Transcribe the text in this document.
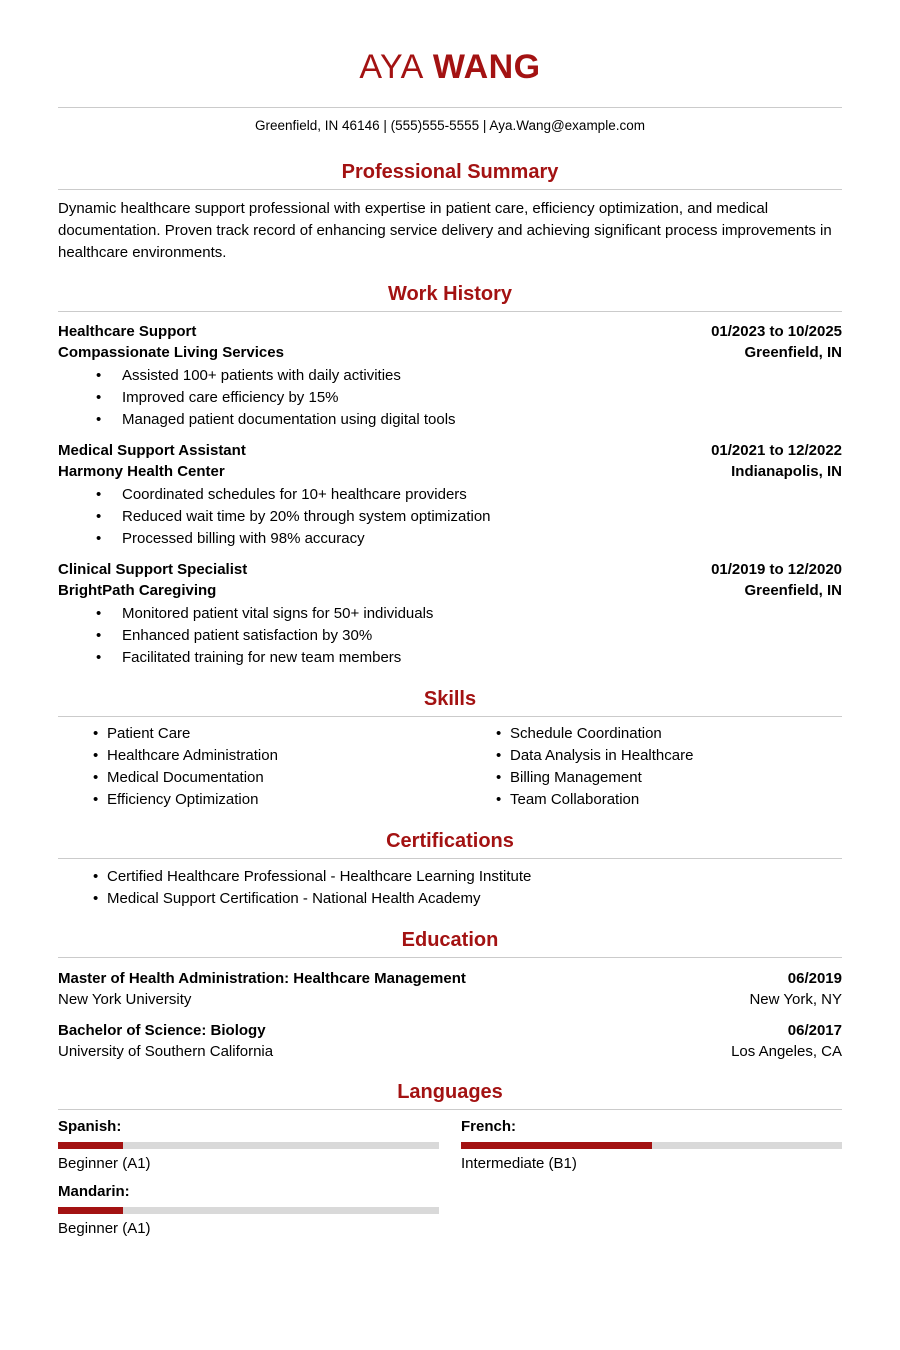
AYA WANG
Greenfield, IN 46146 | (555)555-5555 | Aya.Wang@example.com
Professional Summary

Dynamic healthcare support professional with expertise in patient care, efficiency optimization, and medical documentation. Proven track record of enhancing service delivery and achieving significant process improvements in healthcare environments.

Work History
Healthcare Support	01/2023 to 10/2025
Compassionate Living Services	Greenfield, IN
• Assisted 100+ patients with daily activities
• Improved care efficiency by 15%
• Managed patient documentation using digital tools
Medical Support Assistant	01/2021 to 12/2022
Harmony Health Center	Indianapolis, IN
• Coordinated schedules for 10+ healthcare providers
• Reduced wait time by 20% through system optimization
• Processed billing with 98% accuracy
Clinical Support Specialist	01/2019 to 12/2020
BrightPath Caregiving	Greenfield, IN
• Monitored patient vital signs for 50+ individuals
• Enhanced patient satisfaction by 30%
• Facilitated training for new team members
Skills
• Patient Care
• Healthcare Administration
• Medical Documentation
• Efficiency Optimization
• Schedule Coordination
• Data Analysis in Healthcare
• Billing Management
• Team Collaboration
Certifications
• Certified Healthcare Professional - Healthcare Learning Institute
• Medical Support Certification - National Health Academy
Education
Master of Health Administration: Healthcare Management	06/2019
New York University	New York, NY
Bachelor of Science: Biology	06/2017
University of Southern California	Los Angeles, CA
Languages
Spanish:
Beginner (A1)
French:
Intermediate (B1)
Mandarin:
Beginner (A1)
